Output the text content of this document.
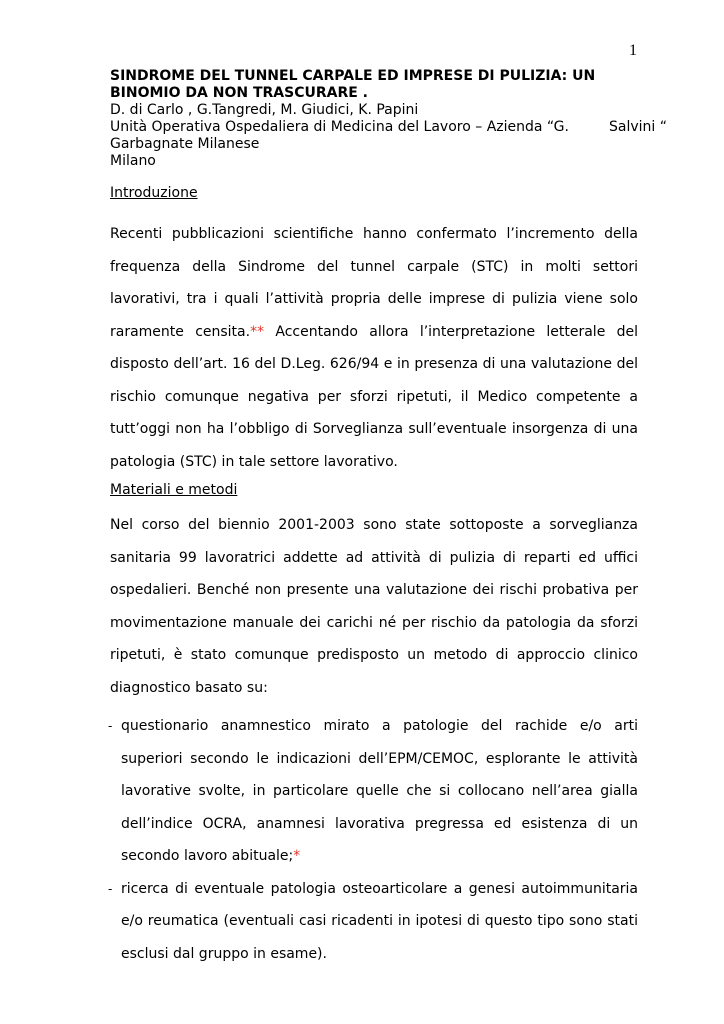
1

SINDROME DEL TUNNEL CARPALE ED IMPRESE DI PULIZIA: UN BINOMIO DA NON TRASCURARE .

D. di Carlo , G.Tangredi, M. Giudici, K. Papini

Unità Operativa Ospedaliera di Medicina del Lavoro – Azienda “G.	Salvini “

Garbagnate Milanese

Milano

Introduzione

Recenti pubblicazioni scientifiche hanno confermato l’incremento della frequenza della Sindrome del tunnel carpale (STC) in molti settori lavorativi, tra i quali l’attività propria delle imprese di pulizia viene solo raramente censita.** Accentando allora l’interpretazione letterale del disposto dell’art. 16 del D.Leg. 626/94 e in presenza di una valutazione del rischio comunque negativa per sforzi ripetuti, il Medico competente a tutt’oggi non ha l’obbligo di Sorveglianza sull’eventuale insorgenza di una patologia (STC) in tale settore lavorativo.

Materiali e metodi

Nel corso del biennio 2001-2003 sono state sottoposte a sorveglianza sanitaria 99 lavoratrici addette ad attività di pulizia di reparti ed uffici ospedalieri. Benché non presente una valutazione dei rischi probativa per movimentazione manuale dei carichi né per rischio da patologia da sforzi ripetuti, è stato comunque predisposto un metodo di approccio clinico diagnostico basato su:

- questionario anamnestico mirato a patologie del rachide e/o arti superiori secondo le indicazioni dell’EPM/CEMOC, esplorante le attività lavorative svolte, in particolare quelle che si collocano nell’area gialla dell’indice OCRA, anamnesi lavorativa pregressa ed esistenza di un secondo lavoro abituale;*
- ricerca di eventuale patologia osteoarticolare a genesi autoimmunitaria e/o reumatica (eventuali casi ricadenti in ipotesi di questo tipo sono stati esclusi dal gruppo in esame).
